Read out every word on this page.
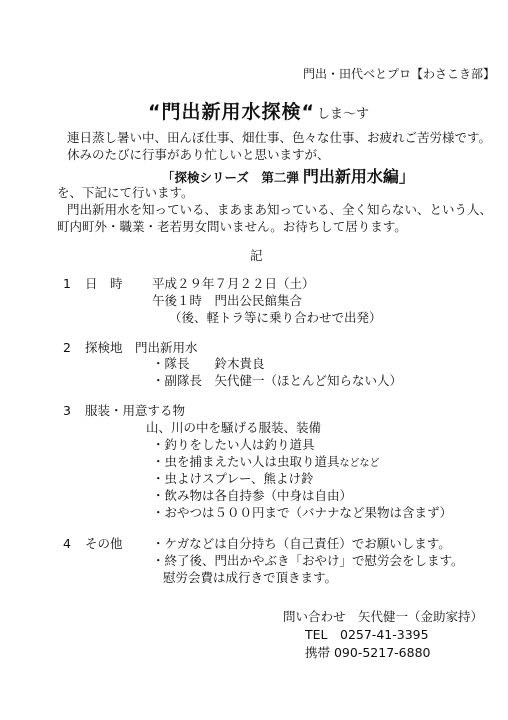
門出・田代ベとプロ【わさこき部】
“門出新用水探検“ しま～す
連日蒸し暑い中、田んぼ仕事、畑仕事、色々な仕事、お疲れご苦労様です。
休みのたびに行事があり忙しいと思いますが、
「探検シリーズ　第二弾 門出新用水編」
を、下記にて行います。
門出新用水を知っている、まあまあ知っている、全く知らない、という人、
町内町外・職業・老若男女問いません。お待ちして居ります。
記
1 日　時 平成２９年７月２２日（土）
午後１時　門出公民館集合
（後、軽トラ等に乗り合わせで出発）
2 探検地　門出新用水
・隊長　　鈴木貴良
・副隊長　矢代健一（ほとんど知らない人）
3 服装・用意する物
山、川の中を騒げる服装、装備
・釣りをしたい人は釣り道具
・虫を捕まえたい人は虫取り道具などなど
・虫よけスプレー、熊よけ鈴
・飲み物は各自持参（中身は自由）
・おやつは５００円まで（バナナなど果物は含まず）
4 その他 ・ケガなどは自分持ち（自己責任）でお願いします。
・終了後、門出かやぶき「おやけ」で慰労会をします。
慰労会費は成行きで頂きます。
問い合わせ　矢代健一（金助家持）
TEL　0257-41-3395
携帯 090-5217-6880
